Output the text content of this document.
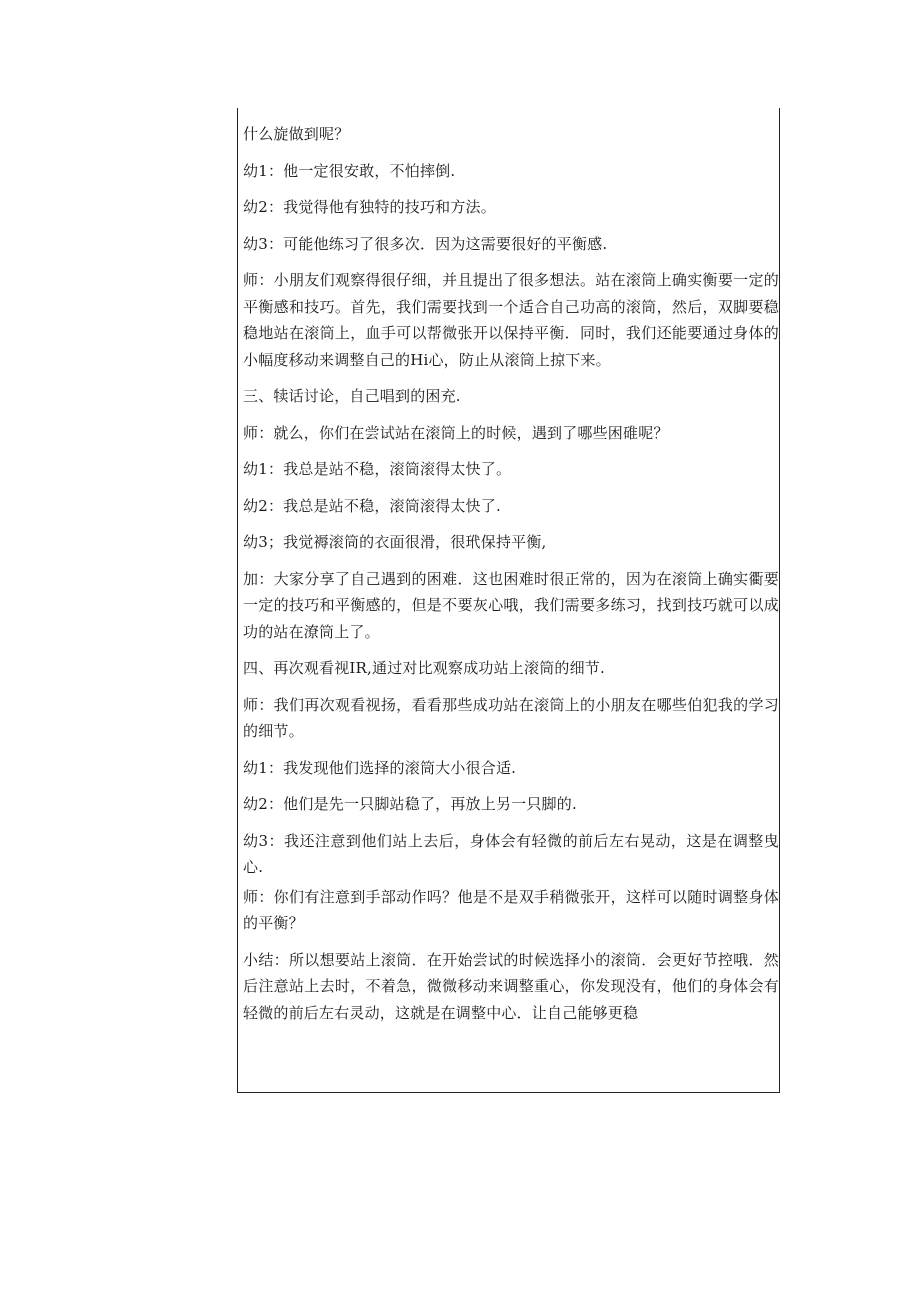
什么旋做到呢？

幼1：他一定很安敢，不怕摔倒.

幼2：我觉得他有独特的技巧和方法。

幼3：可能他练习了很多次．因为这需要很好的平衡感.

师：小朋友们观察得很仔细，并且提出了很多想法。站在滚筒上确实衡要一定的平衡感和技巧。首先，我们需要找到一个适合自己功高的滚筒，然后，双脚要稳稳地站在滚筒上，血手可以帮微张开以保持平衡．同时，我们还能要通过身体的小幅度移动来调整自己的Hi心，防止从滚筒上掠下来。

三、犊话讨论，自己唱到的困充.

师：就么，你们在尝试站在滚筒上的时候，遇到了哪些困碓呢？

幼1：我总是站不稳，滚筒滚得太快了。

幼2：我总是站不稳，滚筒滚得太快了.

幼3；我觉褥滚筒的衣面很滑，很玳保持平衡,

加：大家分享了自己遇到的困难．这也困难时很正常的，因为在滚筒上确实衢要一定的技巧和平衡感的，但是不要灰心哦，我们需要多练习，找到技巧就可以成功的站在潦筒上了。

四、再次观看视IR,通过对比观察成功站上滚筒的细节.

师：我们再次观看视扬，看看那些成功站在滚筒上的小朋友在哪些伯犯我的学习的细节。

幼1：我发现他们选择的滚筒大小很合适.

幼2：他们是先一只脚站稳了，再放上另一只脚的.

幼3：我还注意到他们站上去后，身体会有轻微的前后左右晃动，这是在调整曳心.

师：你们有注意到手部动作吗？他是不是双手稍微张开，这样可以随时调整身体的平衡？

小结：所以想要站上滚筒．在开始尝试的时候选择小的滚筒．会更好节控哦．然后注意站上去时，不着急，微微移动来调整重心，你发现没有，他们的身体会有轻微的前后左右灵动，这就是在调整中心．让自己能够更稳
